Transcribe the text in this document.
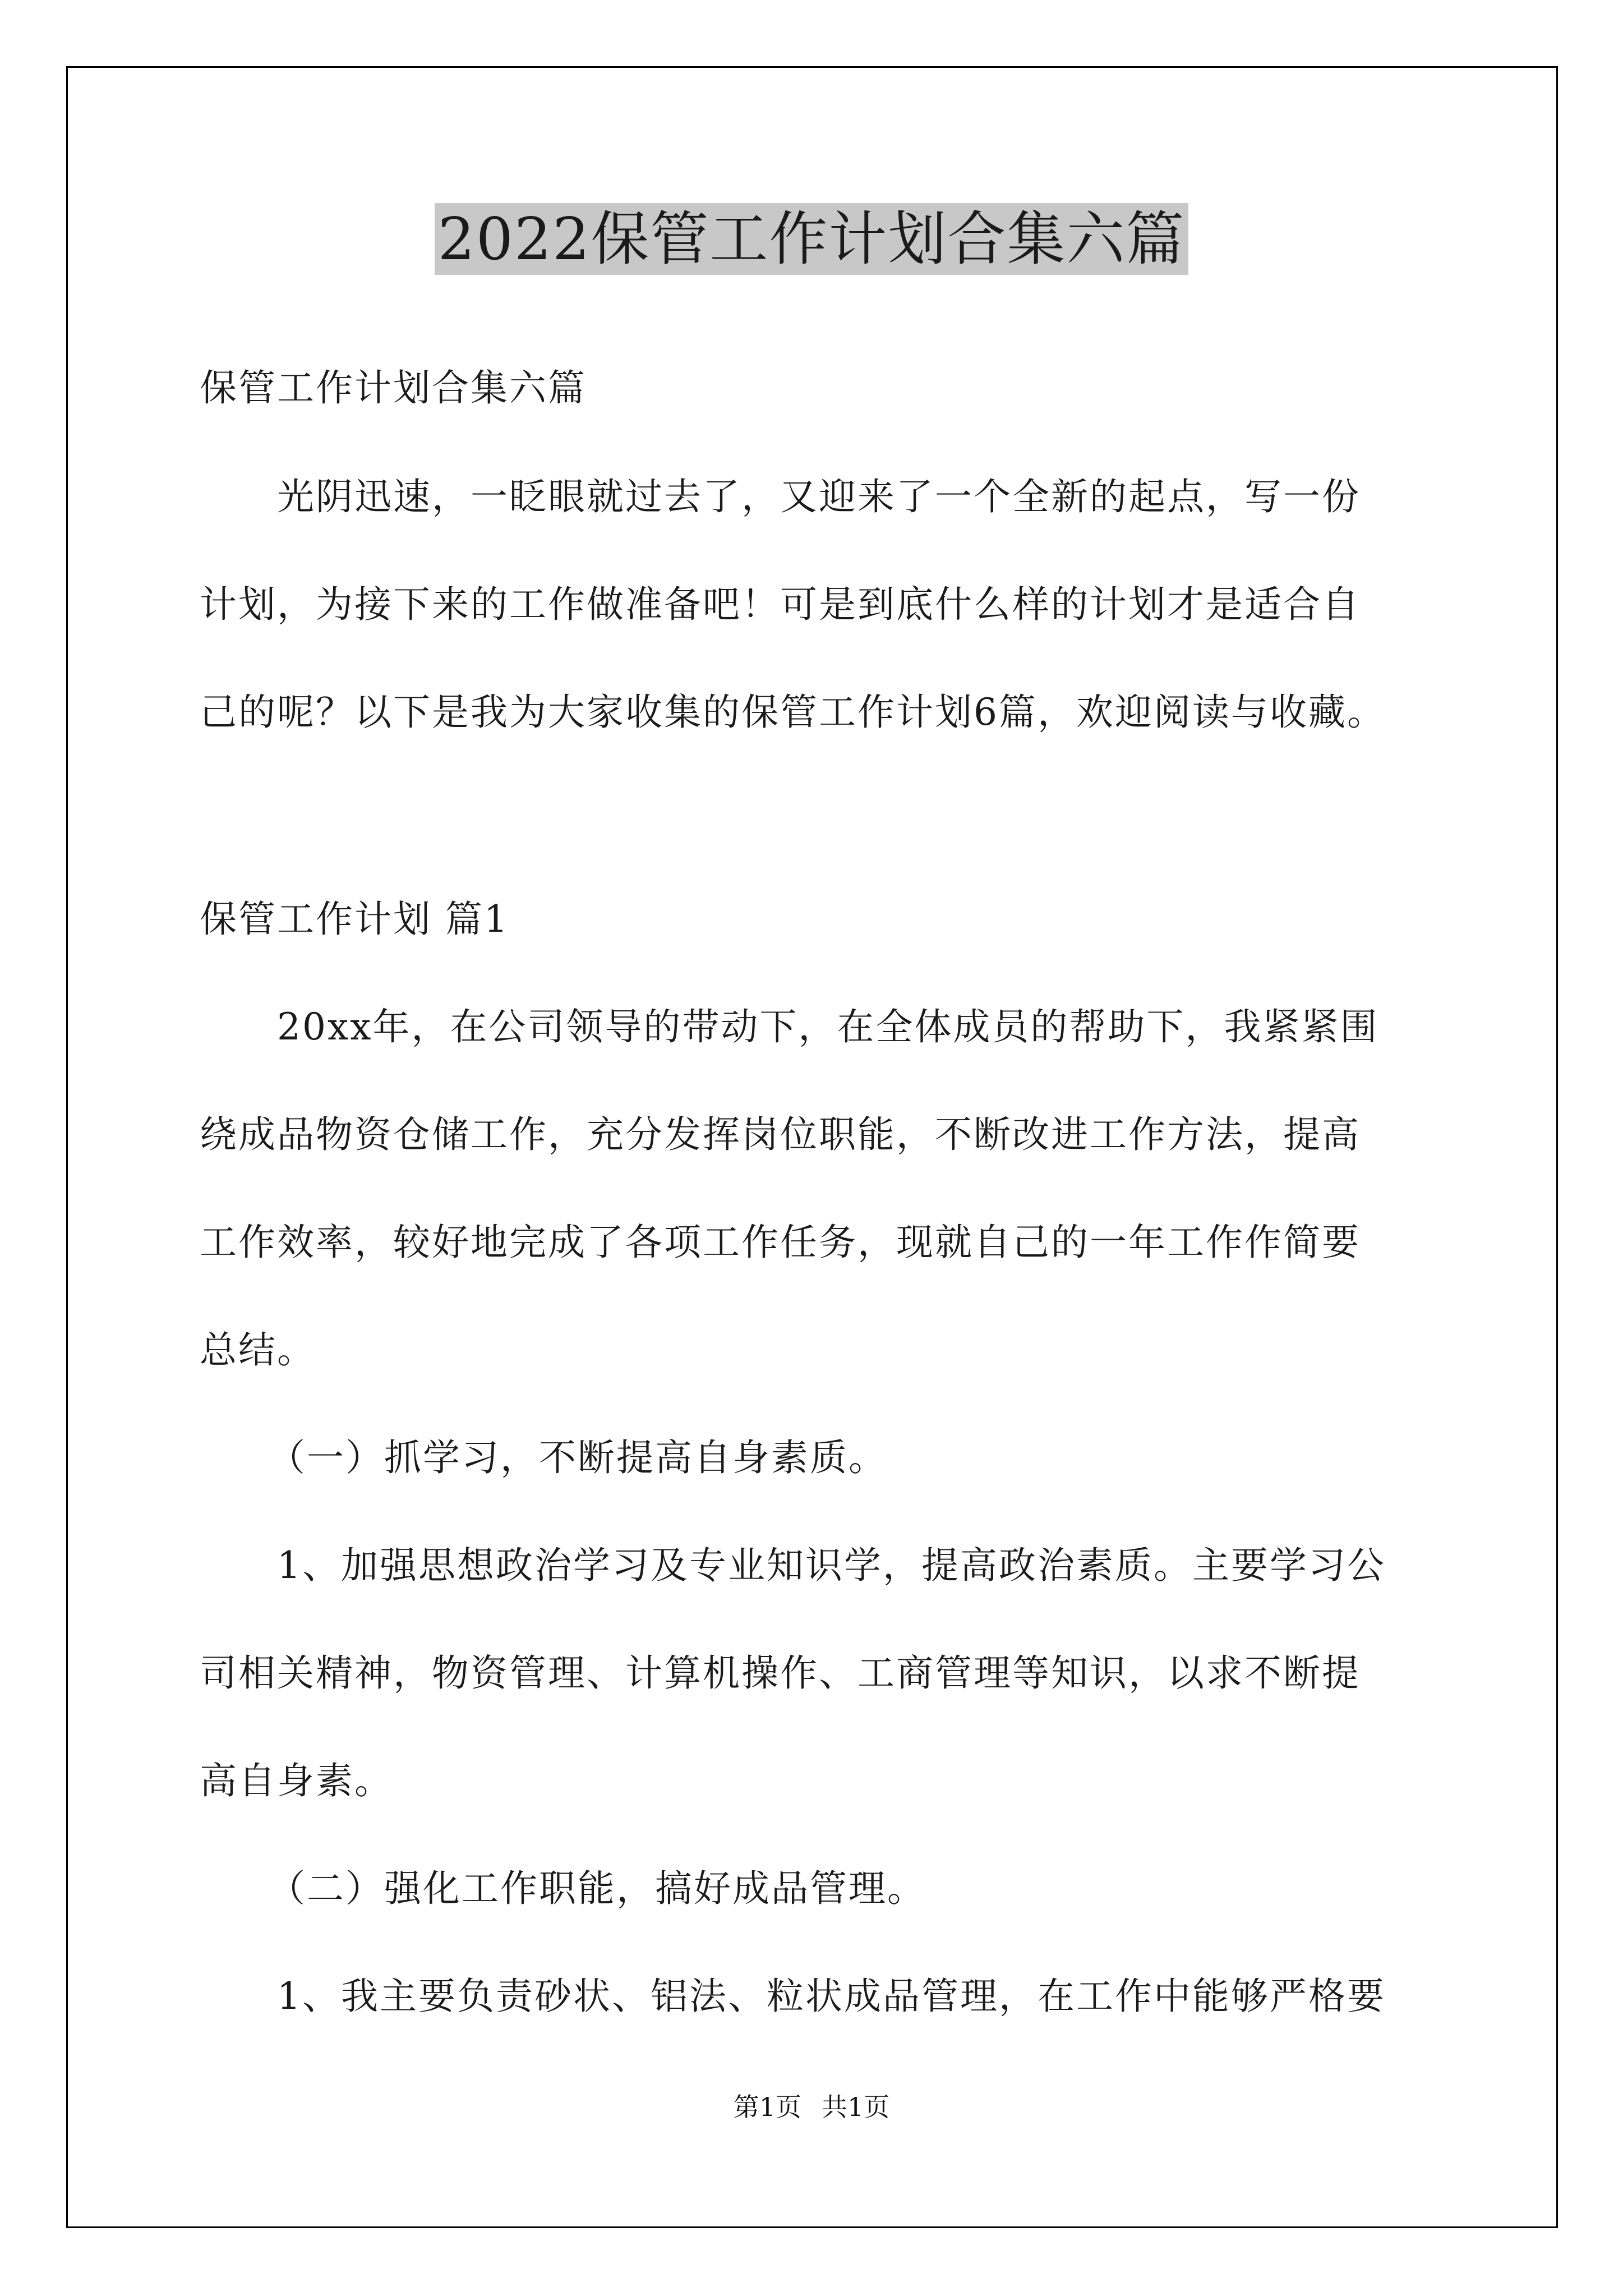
2022保管工作计划合集六篇
保管工作计划合集六篇
光阴迅速，一眨眼就过去了，又迎来了一个全新的起点，写一份
计划，为接下来的工作做准备吧！可是到底什么样的计划才是适合自
己的呢？以下是我为大家收集的保管工作计划6篇，欢迎阅读与收藏。
保管工作计划 篇1
20xx年，在公司领导的带动下，在全体成员的帮助下，我紧紧围
绕成品物资仓储工作，充分发挥岗位职能，不断改进工作方法，提高
工作效率，较好地完成了各项工作任务，现就自己的一年工作作简要
总结。
（一）抓学习，不断提高自身素质。
1、加强思想政治学习及专业知识学，提高政治素质。主要学习公
司相关精神，物资管理、计算机操作、工商管理等知识，以求不断提
高自身素。
（二）强化工作职能，搞好成品管理。
1、我主要负责砂状、铝法、粒状成品管理，在工作中能够严格要
第1页 共1页
